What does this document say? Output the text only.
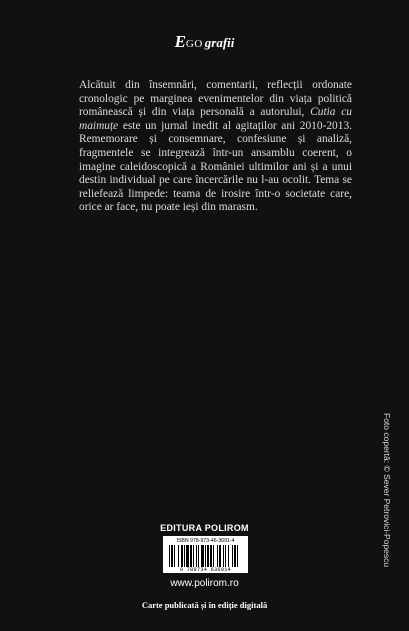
EGO grafii
Alcătuit din însemnări, comentarii, reflecții ordonate cronologic pe marginea evenimentelor din viața politică românească și din viața personală a autorului, Cutia cu maimuțe este un jurnal inedit al agitaților ani 2010-2013. Rememorare și consemnare, confesiune și analiză, fragmentele se integrează într-un ansamblu coerent, o imagine caleidoscopică a României ultimilor ani și a unui destin individual pe care încercările nu l-au ocolit. Tema se reliefează limpede: teama de irosire într-o societate care, orice ar face, nu poate ieși din marasm.
Foto copertă: © Sever Petrovici-Popescu
EDITURA POLIROM
ISBN 978-973-46-3691-4
9 789734 636914
www.polirom.ro
Carte publicată și în ediție digitală
